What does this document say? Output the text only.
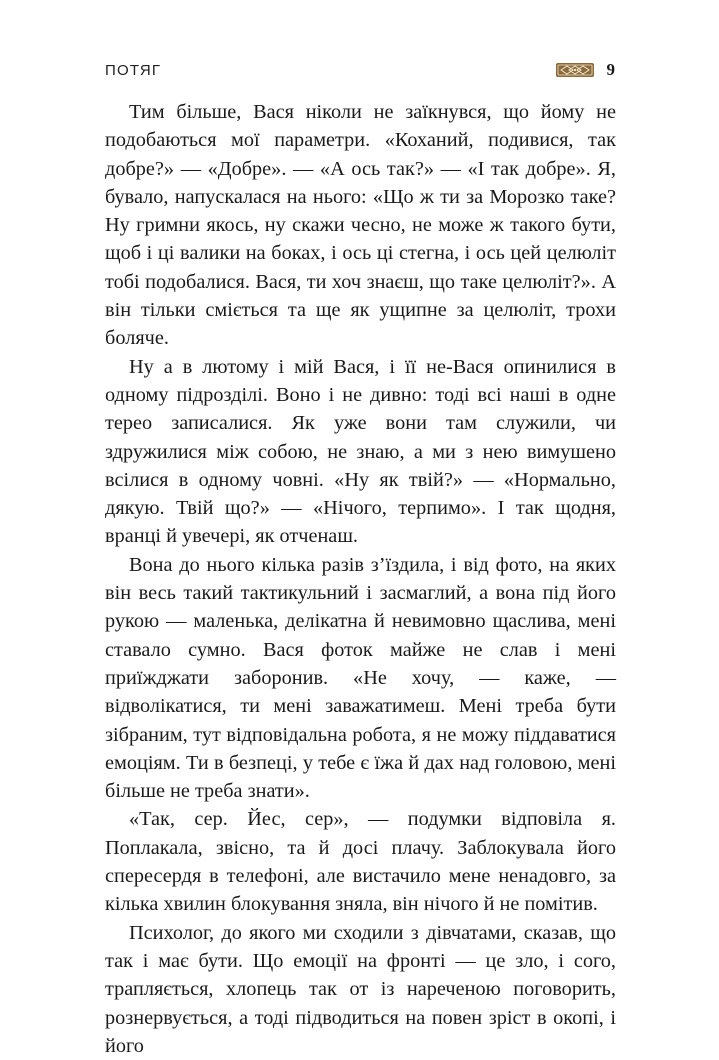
ПОТЯГ	9

Тим більше, Вася ніколи не заїкнувся, що йому не подобаються мої параметри. «Коханий, подивися, так добре?» — «Добре». — «А ось так?» — «І так добре». Я, бувало, напускалася на нього: «Що ж ти за Морозко таке? Ну гримни якось, ну скажи чесно, не може ж такого бути, щоб і ці валики на боках, і ось ці стегна, і ось цей целюліт тобі подобалися. Вася, ти хоч знаєш, що таке целюліт?». А він тільки сміється та ще як ущипне за целюліт, трохи боляче.

Ну а в лютому і мій Вася, і її не-Вася опинилися в одному підрозділі. Воно і не дивно: тоді всі наші в одне терео записалися. Як уже вони там служили, чи здружилися між собою, не знаю, а ми з нею вимушено всілися в одному човні. «Ну як твій?» — «Нормально, дякую. Твій що?» — «Нічого, терпимо». І так щодня, вранці й увечері, як отченаш.

Вона до нього кілька разів з’їздила, і від фото, на яких він весь такий тактикульний і засмаглий, а вона під його рукою — маленька, делікатна й невимовно щаслива, мені ставало сумно. Вася фоток майже не слав і мені приїжджати заборонив. «Не хочу, — каже, — відволікатися, ти мені заважатимеш. Мені треба бути зібраним, тут відповідальна робота, я не можу піддаватися емоціям. Ти в безпеці, у тебе є їжа й дах над головою, мені більше не треба знати».

«Так, сер. Йес, сер», — подумки відповіла я. Поплакала, звісно, та й досі плачу. Заблокувала його спересердя в телефоні, але вистачило мене ненадовго, за кілька хвилин блокування зняла, він нічого й не помітив.

Психолог, до якого ми сходили з дівчатами, сказав, що так і має бути. Що емоції на фронті — це зло, і coго, трапляється, хлопець так от із нареченою поговорить, рознервується, а тоді підводиться на повен зріст в окопі, і його
